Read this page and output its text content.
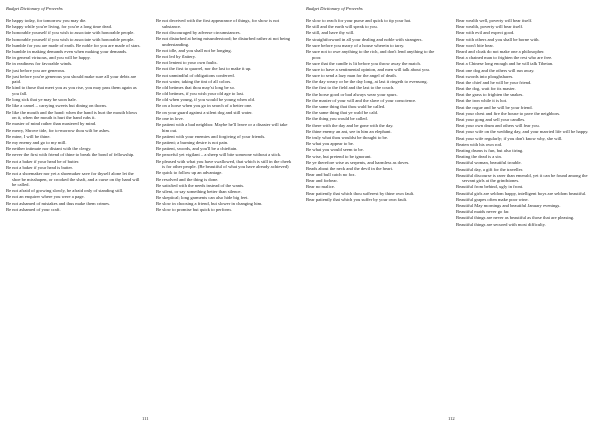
Budget Dictionary of Proverbs
Be happy today, for tomorrow you may die.
Be happy while you're living, for you're a long time dead.
Be honorable yourself if you wish to associate with honorable people.
Be honorable yourself if you wish to associate with honorable people.
Be humble for you are made of earth. Be noble for you are made of stars.
Be humble in making demands even when making your demands.
Be in general virtuous, and you will be happy.
Be in readiness for favorable winds.
Be just before you are generous.
Be just before you're generous you should make sure all your debts are paid.
Be kind to those that meet you as you rise, you may pass them again as you fall.
Be long sick that ye may be soon hale.
Be like a camel – carrying sweets but dining on thorns.
Be like the mouth and the hand: when the hand is hurt the mouth blows on it, when the mouth is hurt the hand rubs it.
Be master of mind rather than mastered by mind.
Be merry, Shrove tide, for to-morrow thou wilt be ashes.
Be mine, I will be thine.
Be my enemy and go to my mill.
Be neither intimate nor distant with the clergy.
Be never the first with friend of thine to break the bond of fellowship.
Be not a baker if your head be of butter.
Be not a baker if your head is butter.
Be not a shoemaker nor yet a shoemaker save for thyself alone let the shoe be misshapen, or crooked the shaft, and a curse on thy hand will be called.
Be not afraid of growing slowly, be afraid only of standing still.
Be not an enquirer where you were a page.
Be not ashamed of mistakes and thus make them crimes.
Be not ashamed of your craft.
Be not deceived with the first appearance of things, for show is not substance.
Be not discouraged by adverse circumstances.
Be not disturbed at being misunderstood; be disturbed rather at not being understanding.
Be not idle, and you shall not be longing.
Be not led by flattery.
Be not lenient to your own faults.
Be not the first to quarrel, nor the last to make it up.
Be not unmindful of obligations conferred.
Be not water, taking the tint of all colors.
Be old betimes that thou may'st long be so.
Be old betimes, if you wish your old age to last.
Be old when young, if you would be young when old.
Be on a horse when you go in search of a better one.
Be on your guard against a silent dog and still water.
Be one in love.
Be patient with a bad neighbor. Maybe he'll leave or a disaster will take him out.
Be patient with your enemies and forgiving of your friends.
Be patient; a burning desire is not pain.
Be patient, swords, and you'll be a chieftain.
Be peaceful yet vigilant – a sheep will bite someone without a stick.
Be pleased with what you have swallowed, that which is still in the cheek is for other people. (Be beautiful of what you have already achieved)
Be quick to follow up an advantage.
Be resolved and the thing is done.
Be satisfied with the needs instead of the wants.
Be silent, or say something better than silence.
Be skeptical; long garments can also hide big feet.
Be slow in choosing a friend, but slower in changing him.
Be slow to promise but quick to perform.
111
Budget Dictionary of Proverbs
Be slow to reach for your purse and quick to tip your hat.
Be still and the earth will speak to you.
Be still, and have thy will.
Be straightforward in all your dealing and noble with strangers.
Be sure before you marry of a house wherein to tarry.
Be sure not to owe anything to the rich, and don't lend anything to the poor.
Be sure that the candle is lit before you throw away the match.
Be sure to have a sentimental opinion, and men will talk about you.
Be sure to send a lazy man for the angel of death.
Be the day weary or be the day long, at last it ringeth to evensong.
Be the first to the field and the last to the couch.
Be the horse good or bad always wear your spurs.
Be the master of your will and the slave of your conscience.
Be the same thing that thou wald be called.
Be the same thing that ye wald be cald.
Be the thing you would be called.
Be there with the day and be gone with the day.
Be thine enemy an ant, see in him an elephant.
Be truly what thou wouldst be thought to be.
Be what you appear to be.
Be what you would seem to be.
Be wise, but pretend to be ignorant.
Be ye therefore wise as serpents, and harmless as doves.
Beads about the neck and the devil in the heart.
Bear and bull catch no fox.
Bear and forbear.
Bear no malice.
Bear patiently that which thou sufferest by thine own fault.
Bear patiently that which you suffer by your own fault.
Bear wealth well, poverty will bear itself.
Bear wealth, poverty will bear itself.
Bear with evil and expect good.
Bear with others and you shall be borne with.
Bear won't bite bear.
Beard and cloak do not make one a philosopher.
Beat a chained man to frighten the rest who are free.
Beat a Chinese long enough and he will talk Tibetan.
Beat one dog and the others will run away.
Beat swords into ploughshares.
Beat the chief and he will be your friend.
Beat the dog, wait for its master.
Beat the grass to frighten the snakes.
Beat the iron while it is hot.
Beat the rogue and he will be your friend.
Beat your chest and fire the house to pave the neighbors.
Beat your gong and sell your candles.
Beat your own drum and others will fear you.
Beat your wife on the wedding day, and your married life will be happy.
Beat your wife regularly; if you don't know why, she will.
Beaten with his own rod.
Beating drums is fun, but also tiring.
Beating the dead is a sin.
Beautiful woman, beautiful trouble.
Beautiful day, a gift for the traveller.
Beautiful discourse is rarer than emerald, yet it can be found among the servant girls at the grindstones.
Beautiful from behind, ugly in front.
Beautiful girls are seldom happy, intelligent boys are seldom beautiful.
Beautiful grapes often make poor wine.
Beautiful May mornings and beautiful January evenings.
Beautiful maids never go far.
Beautiful things are never as beautiful as those that are pleasing.
Beautiful things are secured with most difficulty.
112
